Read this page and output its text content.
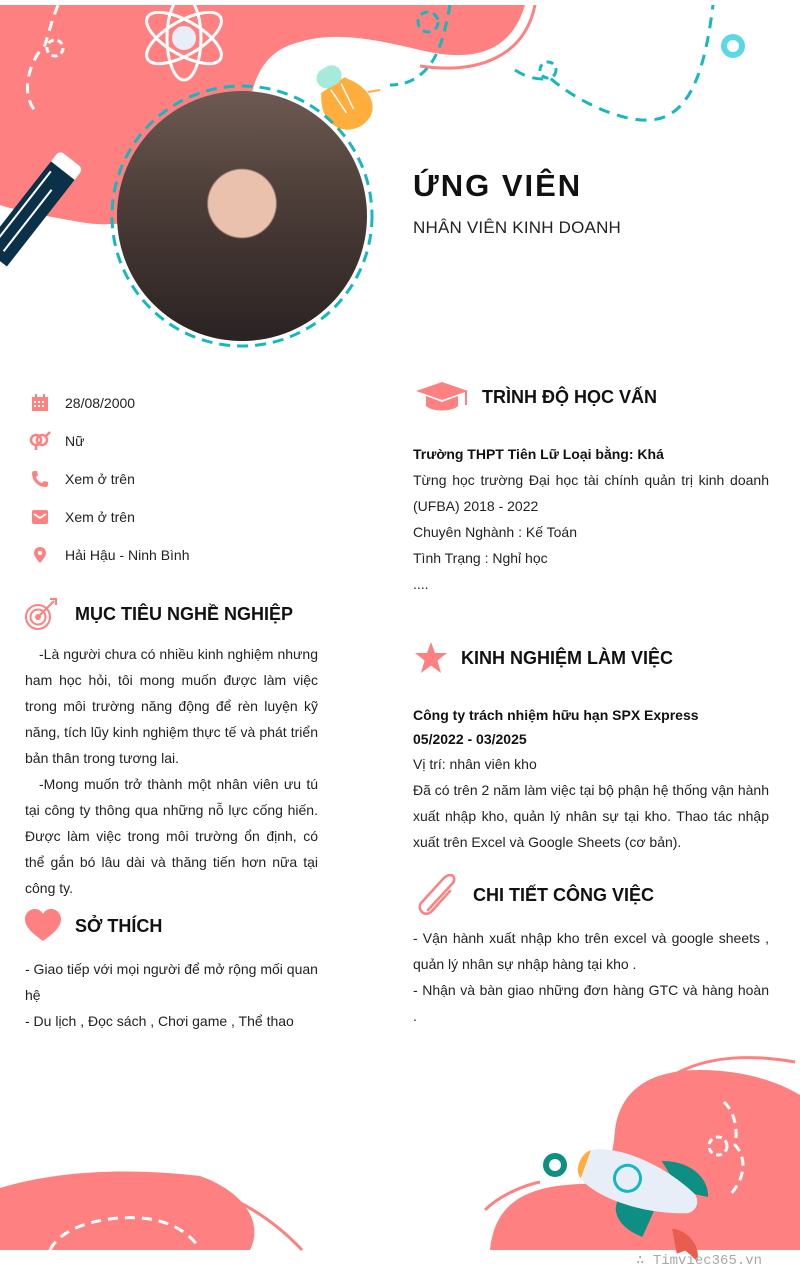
ỨNG VIÊN
NHÂN VIÊN KINH DOANH
28/08/2000
Nữ
Xem ở trên
Xem ở trên
Hải Hậu - Ninh Bình
MỤC TIÊU NGHỀ NGHIỆP

-Là người chưa có nhiều kinh nghiệm nhưng ham học hỏi, tôi mong muốn được làm việc trong môi trường năng động để rèn luyện kỹ năng, tích lũy kinh nghiệm thực tế và phát triển bản thân trong tương lai.

-Mong muốn trở thành một nhân viên ưu tú tại công ty thông qua những nỗ lực cống hiến. Được làm việc trong môi trường ổn định, có thể gắn bó lâu dài và thăng tiến hơn nữa tại công ty.

SỞ THÍCH

- Giao tiếp với mọi người để mở rộng mối quan hệ

- Du lịch , Đọc sách , Chơi game , Thể thao

TRÌNH ĐỘ HỌC VẤN

Trường THPT Tiên Lữ Loại bằng: Khá

Từng học trường Đại học tài chính quản trị kinh doanh (UFBA) 2018 - 2022

Chuyên Nghành : Kế Toán

Tình Trạng : Nghỉ học

....

KINH NGHIỆM LÀM VIỆC

Công ty trách nhiệm hữu hạn SPX Express

05/2022 - 03/2025

Vị trí: nhân viên kho

Đã có trên 2 năm làm việc tại bộ phận hệ thống vận hành xuất nhập kho, quản lý nhân sự tại kho. Thao tác nhập xuất trên Excel và Google Sheets (cơ bản).

CHI TIẾT CÔNG VIỆC

- Vận hành xuất nhập kho trên excel và google sheets , quản lý nhân sự nhập hàng tại kho .

- Nhận và bàn giao những đơn hàng GTC và hàng hoàn .

∴ Timviec365.vn
